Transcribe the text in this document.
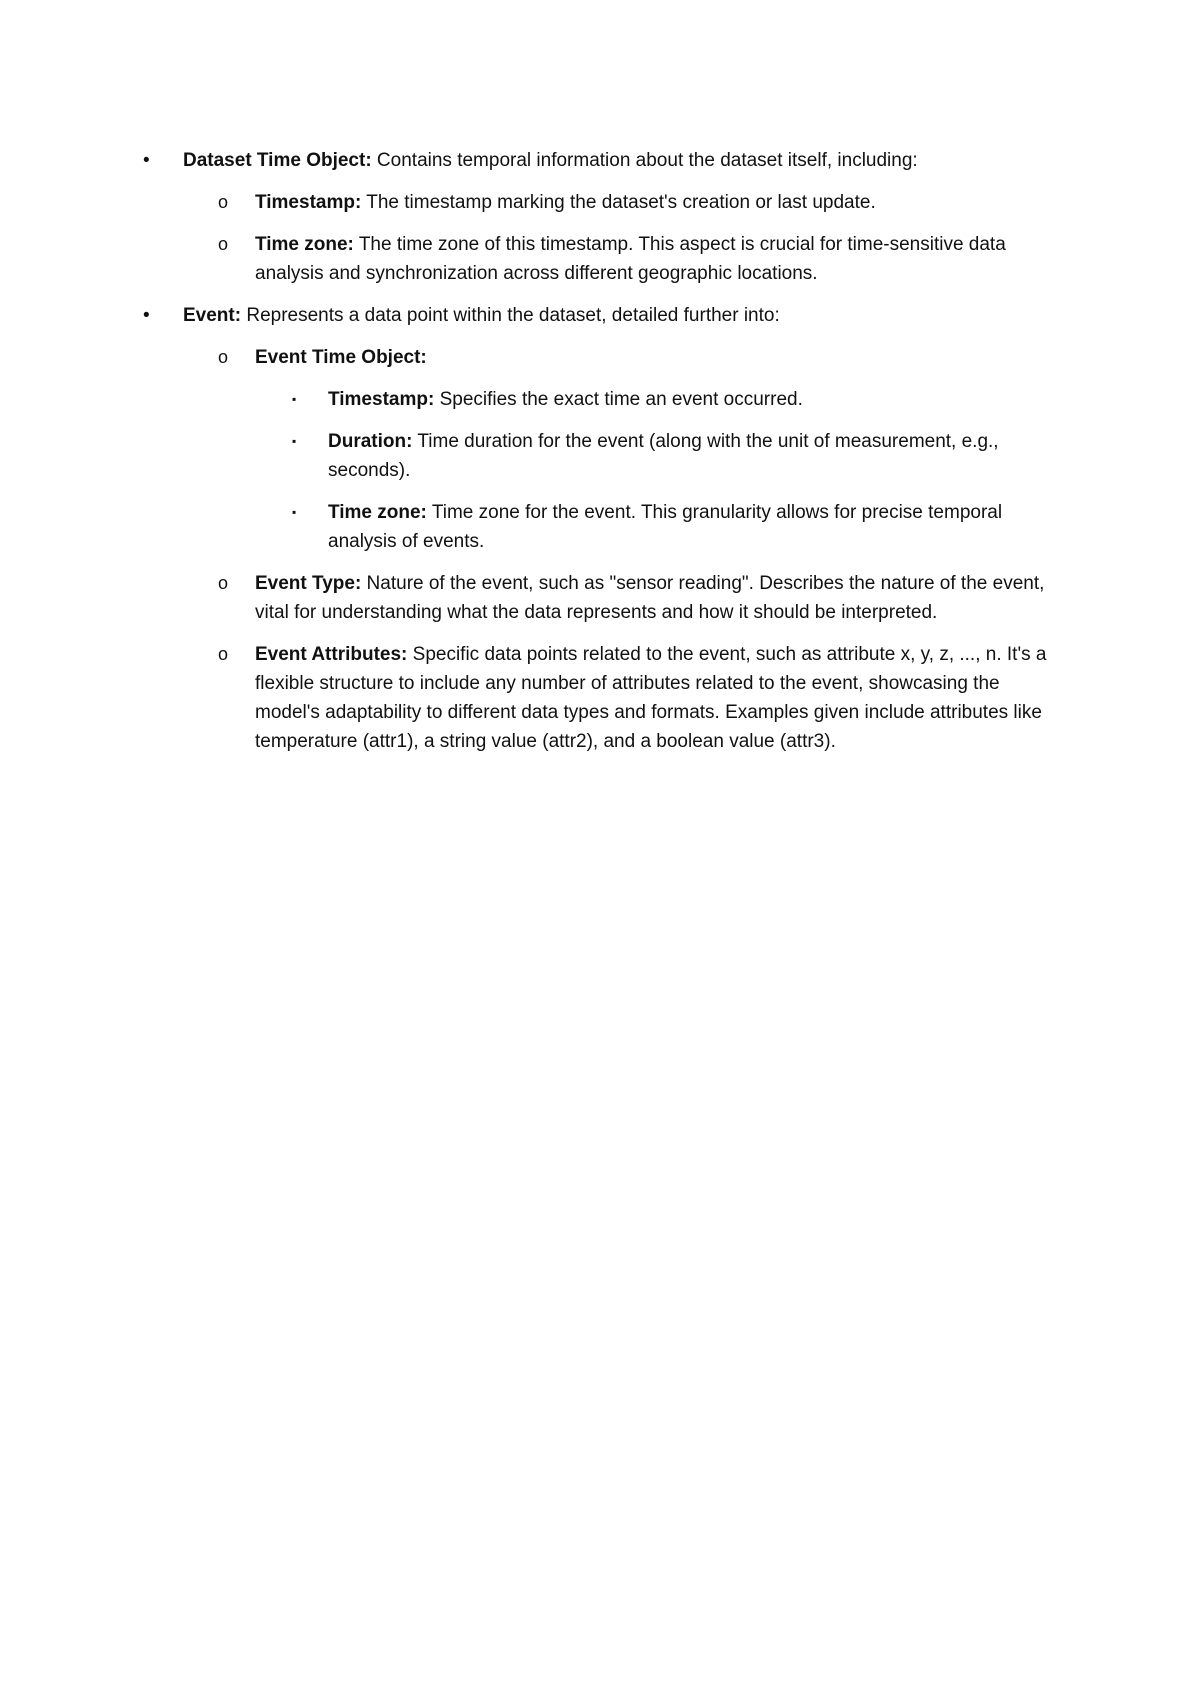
• Dataset Time Object: Contains temporal information about the dataset itself, including:
o Timestamp: The timestamp marking the dataset's creation or last update.
o Time zone: The time zone of this timestamp. This aspect is crucial for time-sensitive data analysis and synchronization across different geographic locations.
• Event: Represents a data point within the dataset, detailed further into:
o Event Time Object:
▪ Timestamp: Specifies the exact time an event occurred.
▪ Duration: Time duration for the event (along with the unit of measurement, e.g., seconds).
▪ Time zone: Time zone for the event. This granularity allows for precise temporal analysis of events.
o Event Type: Nature of the event, such as "sensor reading". Describes the nature of the event, vital for understanding what the data represents and how it should be interpreted.
o Event Attributes: Specific data points related to the event, such as attribute x, y, z, ..., n. It's a flexible structure to include any number of attributes related to the event, showcasing the model's adaptability to different data types and formats. Examples given include attributes like temperature (attr1), a string value (attr2), and a boolean value (attr3).
